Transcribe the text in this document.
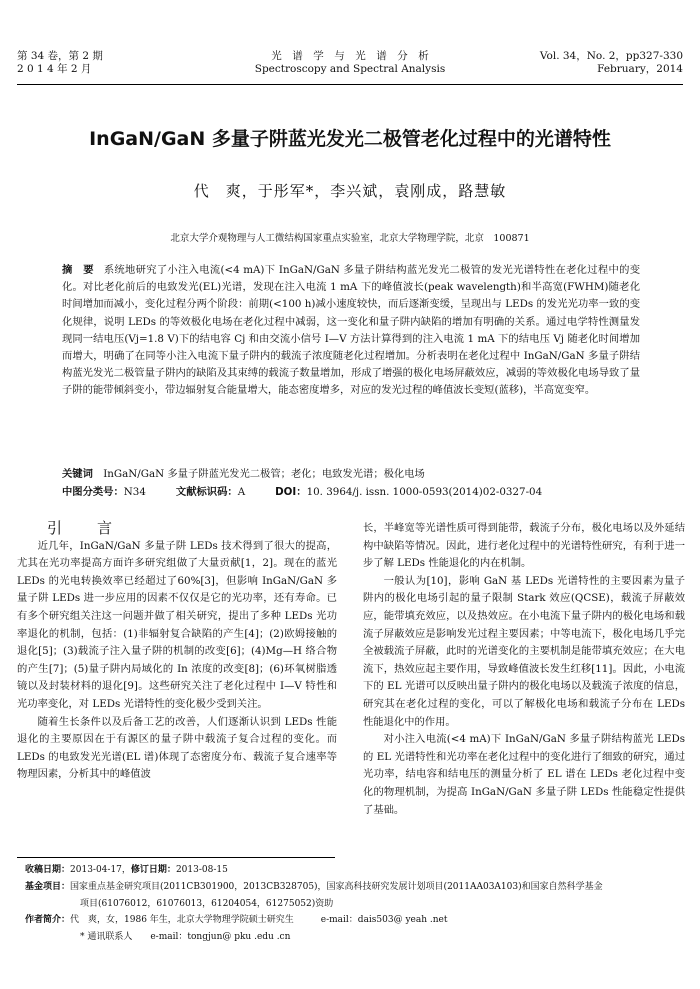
第 34 卷，第 2 期
2 0 1 4 年 2 月
光　谱　学　与　光　谱　分　析
Spectroscopy and Spectral Analysis
Vol. 34，No. 2，pp327-330
February，2014
InGaN/GaN 多量子阱蓝光发光二极管老化过程中的光谱特性
代　爽，于彤军*，李兴斌，袁刚成，路慧敏
北京大学介观物理与人工微结构国家重点实验室，北京大学物理学院，北京　100871
摘　要 系统地研究了小注入电流(<4 mA)下 InGaN/GaN 多量子阱结构蓝光发光二极管的发光光谱特性在老化过程中的变化。对比老化前后的电致发光(EL)光谱，发现在注入电流 1 mA 下的峰值波长(peak wavelength)和半高宽(FWHM)随老化时间增加而减小，变化过程分两个阶段：前期(<100 h)减小速度较快，而后逐渐变缓，呈现出与 LEDs 的发光光功率一致的变化规律，说明 LEDs 的等效极化电场在老化过程中减弱，这一变化和量子阱内缺陷的增加有明确的关系。通过电学特性测量发现同一结电压(Vj=1.8 V)下的结电容 Cj 和由交流小信号 I—V 方法计算得到的注入电流 1 mA 下的结电压 Vj 随老化时间增加而增大，明确了在同等小注入电流下量子阱内的载流子浓度随老化过程增加。分析表明在老化过程中 InGaN/GaN 多量子阱结构蓝光发光二极管量子阱内的缺陷及其束缚的载流子数量增加，形成了增强的极化电场屏蔽效应，减弱的等效极化电场导致了量子阱的能带倾斜变小，带边辐射复合能量增大，能态密度增多，对应的发光过程的峰值波长变短(蓝移)，半高宽变窄。
关键词　 InGaN/GaN 多量子阱蓝光发光二极管；老化；电致发光谱；极化电场
中图分类号：N34	文献标识码：A	DOI：10. 3964/j. issn. 1000-0593(2014)02-0327-04

引　言

近几年，InGaN/GaN 多量子阱 LEDs 技术得到了很大的提高，尤其在光功率提高方面许多研究组做了大量贡献[1，2]。现在的蓝光 LEDs 的光电转换效率已经超过了60%[3]，但影响 InGaN/GaN 多量子阱 LEDs 进一步应用的因素不仅仅是它的光功率，还有寿命。已有多个研究组关注这一问题并做了相关研究，提出了多种 LEDs 光功率退化的机制，包括：(1)非辐射复合缺陷的产生[4]；(2)欧姆接触的退化[5]；(3)载流子注入量子阱的机制的改变[6]；(4)Mg—H 络合物的产生[7]；(5)量子阱内局域化的 In 浓度的改变[8]；(6)环氧树脂透镜以及封装材料的退化[9]。这些研究关注了老化过程中 I—V 特性和光功率变化，对 LEDs 光谱特性的变化极少受到关注。

随着生长条件以及后备工艺的改善，人们逐渐认识到 LEDs 性能退化的主要原因在于有源区的量子阱中载流子复合过程的变化。而 LEDs 的电致发光光谱(EL 谱)体现了态密度分布、载流子复合速率等物理因素，分析其中的峰值波

长，半峰宽等光谱性质可得到能带，载流子分布，极化电场以及外延结构中缺陷等情况。因此，进行老化过程中的光谱特性研究，有利于进一步了解 LEDs 性能退化的内在机制。

一般认为[10]，影响 GaN 基 LEDs 光谱特性的主要因素为量子阱内的极化电场引起的量子限制 Stark 效应(QCSE)，载流子屏蔽效应，能带填充效应，以及热效应。在小电流下量子阱内的极化电场和载流子屏蔽效应是影响发光过程主要因素；中等电流下，极化电场几乎完全被载流子屏蔽，此时的光谱变化的主要机制是能带填充效应；在大电流下，热效应起主要作用，导致峰值波长发生红移[11]。因此，小电流下的 EL 光谱可以反映出量子阱内的极化电场以及载流子浓度的信息，研究其在老化过程的变化，可以了解极化电场和载流子分布在 LEDs 性能退化中的作用。

对小注入电流(<4 mA)下 InGaN/GaN 多量子阱结构蓝光 LEDs 的 EL 光谱特性和光功率在老化过程中的变化进行了细致的研究，通过光功率，结电容和结电压的测量分析了 EL 谱在 LEDs 老化过程中变化的物理机制，为提高 InGaN/GaN 多量子阱 LEDs 性能稳定性提供了基础。

收稿日期：2013-04-17，修订日期：2013-08-15
基金项目：国家重点基金研究项目(2011CB301900，2013CB328705)，国家高科技研究发展计划项目(2011AA03A103)和国家自然科学基金
项目(61076012，61076013，61204054，61275052)资助
作者简介：代　爽，女，1986 年生，北京大学物理学院硕士研究生　　　e-mail：dais503@ yeah .net
* 通讯联系人　　e-mail：tongjun@ pku .edu .cn
